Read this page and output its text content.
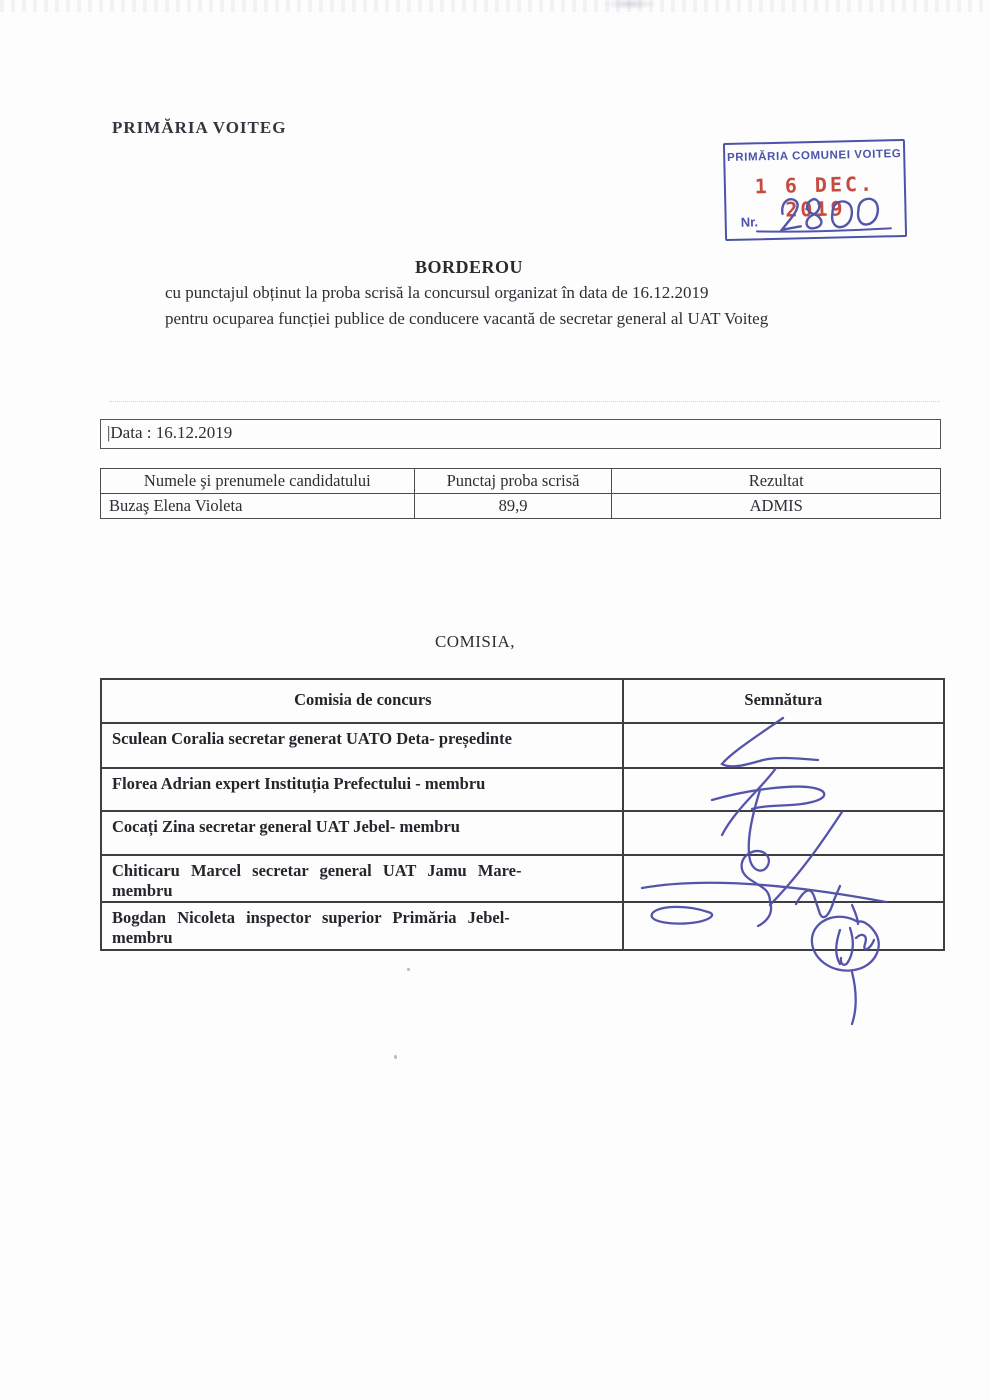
PRIMĂRIA VOITEG
PRIMĂRIA COMUNEI VOITEG
1 6 DEC. 2019
Nr.
BORDEROU
cu punctajul obținut la proba scrisă la concursul organizat în data de 16.12.2019
pentru ocuparea funcției publice de conducere vacantă de secretar general al UAT Voiteg
|Data : 16.12.2019
Numele şi prenumele candidatului	Punctaj proba scrisă	Rezultat
Buzaş Elena Violeta	89,9	ADMIS
COMISIA,
Comisia de concurs	Semnătura

Sculean Coralia secretar generat UATO Deta- președinte	

Florea Adrian expert Instituția Prefectului - membru	

Cocați Zina secretar general UAT Jebel- membru	

Chiticaru Marcel secretar general UAT Jamu Mare-
membru	

Bogdan Nicoleta inspector superior Primăria Jebel-
membru	
